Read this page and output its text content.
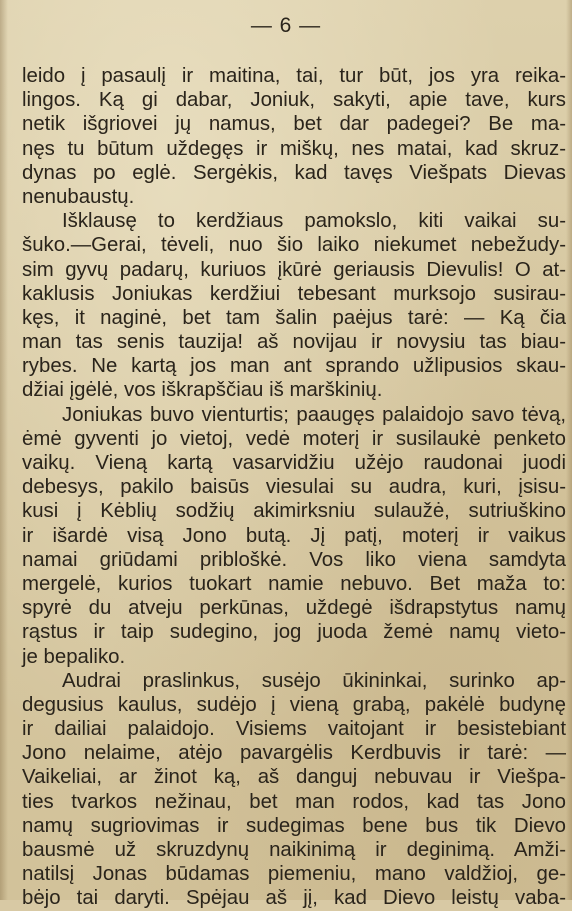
— 6 —
leido į pasaulį ir maitina, tai, tur būt, jos yra reika-
lingos. Ką gi dabar, Joniuk, sakyti, apie tave, kurs
netik išgriovei jų namus, bet dar padegei? Be ma-
nęs tu būtum uždegęs ir miškų, nes matai, kad skruz-
dynas po eglė. Sergėkis, kad tavęs Viešpats Dievas
nenubaustų.
Išklausę to kerdžiaus pamokslo, kiti vaikai su-
šuko.—Gerai, tėveli, nuo šio laiko niekumet nebežudy-
sim gyvų padarų, kuriuos įkūrė geriausis Dievulis! O at-
kaklusis Joniukas kerdžiui tebesant murksojo susirau-
kęs, it naginė, bet tam šalin paėjus tarė: — Ką čia
man tas senis tauzija! aš novijau ir novysiu tas biau-
rybes. Ne kartą jos man ant sprando užlipusios skau-
džiai įgėlė, vos iškrapščiau iš marškinių.
Joniukas buvo vienturtis; paaugęs palaidojo savo tėvą,
ėmė gyventi jo vietoj, vedė moterį ir susilaukė penketo
vaikų. Vieną kartą vasarvidžiu užėjo raudonai juodi
debesys, pakilo baisūs viesulai su audra, kuri, įsisu-
kusi į Kėblių sodžių akimirksniu sulaužė, sutriuškino
ir išardė visą Jono butą. Jį patį, moterį ir vaikus
namai griūdami pribloškė. Vos liko viena samdyta
mergelė, kurios tuokart namie nebuvo. Bet maža to:
spyrė du atveju perkūnas, uždegė išdrapstytus namų
rąstus ir taip sudegino, jog juoda žemė namų vieto-
je bepaliko.
Audrai praslinkus, susėjo ūkininkai, surinko ap-
degusius kaulus, sudėjo į vieną grabą, pakėlė budynę
ir dailiai palaidojo. Visiems vaitojant ir besistebiant
Jono nelaime, atėjo pavargėlis Kerdbuvis ir tarė: —
Vaikeliai, ar žinot ką, aš danguj nebuvau ir Viešpa-
ties tvarkos nežinau, bet man rodos, kad tas Jono
namų sugriovimas ir sudegimas bene bus tik Dievo
bausmė už skruzdynų naikinimą ir deginimą. Amži-
natilsį Jonas būdamas piemeniu, mano valdžioj, ge-
bėjo tai daryti. Spėjau aš jį, kad Dievo leistų vaba-
